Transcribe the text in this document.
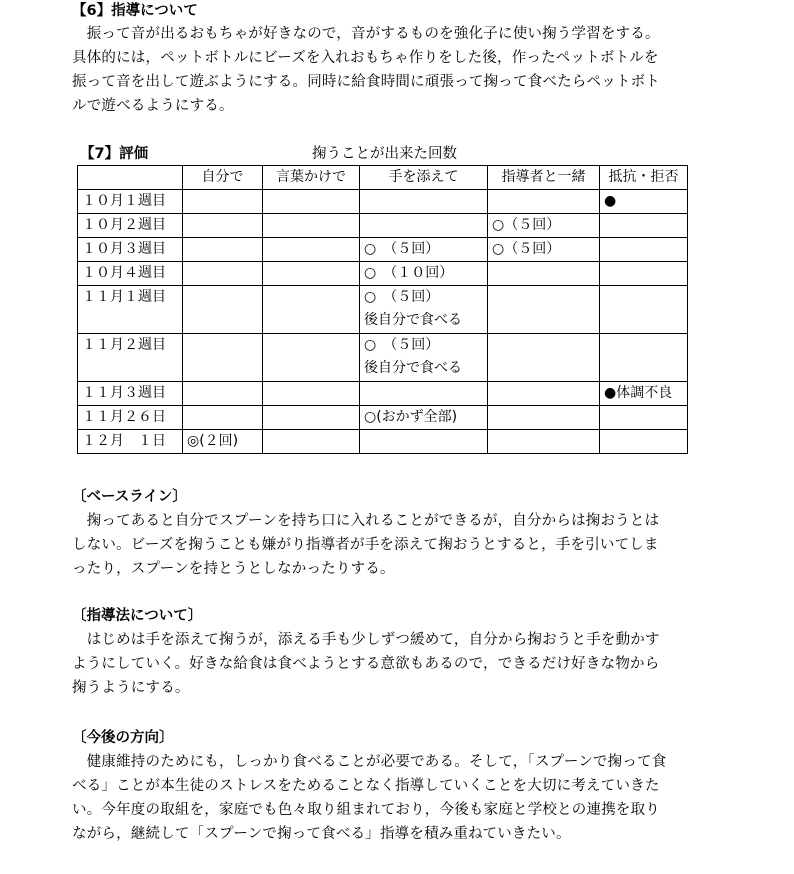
【6】指導について

　振って音が出るおもちゃが好きなので，音がするものを強化子に使い掬う学習をする。

具体的には，ペットボトルにビーズを入れおもちゃ作りをした後，作ったペットボトルを

振って音を出して遊ぶようにする。同時に給食時間に頑張って掬って食べたらペットボト

ルで遊べるようにする。

【7】評価	掬うことが出来た回数
	自分で	言葉かけで	手を添えて	指導者と一緒	抵抗・拒否
１０月１週目					●
１０月２週目				○（５回）	
１０月３週目			○　（５回）	○（５回）	
１０月４週目			○　（１０回）		
１１月１週目			○　（５回）
後自分で食べる		

１１月２週目			○　（５回）
後自分で食べる		

１１月３週目					●体調不良
１１月２６日			○(おかず全部)		
１２月　１日	◎(２回)				

〔ベースライン〕

　掬ってあると自分でスプーンを持ち口に入れることができるが，自分からは掬おうとは

しない。ビーズを掬うことも嫌がり指導者が手を添えて掬おうとすると，手を引いてしま

ったり，スプーンを持とうとしなかったりする。

〔指導法について〕

　はじめは手を添えて掬うが，添える手も少しずつ緩めて，自分から掬おうと手を動かす

ようにしていく。好きな給食は食べようとする意欲もあるので，できるだけ好きな物から

掬うようにする。

〔今後の方向〕

　健康維持のためにも，しっかり食べることが必要である。そして，「スプーンで掬って食

べる」ことが本生徒のストレスをためることなく指導していくことを大切に考えていきた

い。今年度の取組を，家庭でも色々取り組まれており，今後も家庭と学校との連携を取り

ながら，継続して「スプーンで掬って食べる」指導を積み重ねていきたい。
